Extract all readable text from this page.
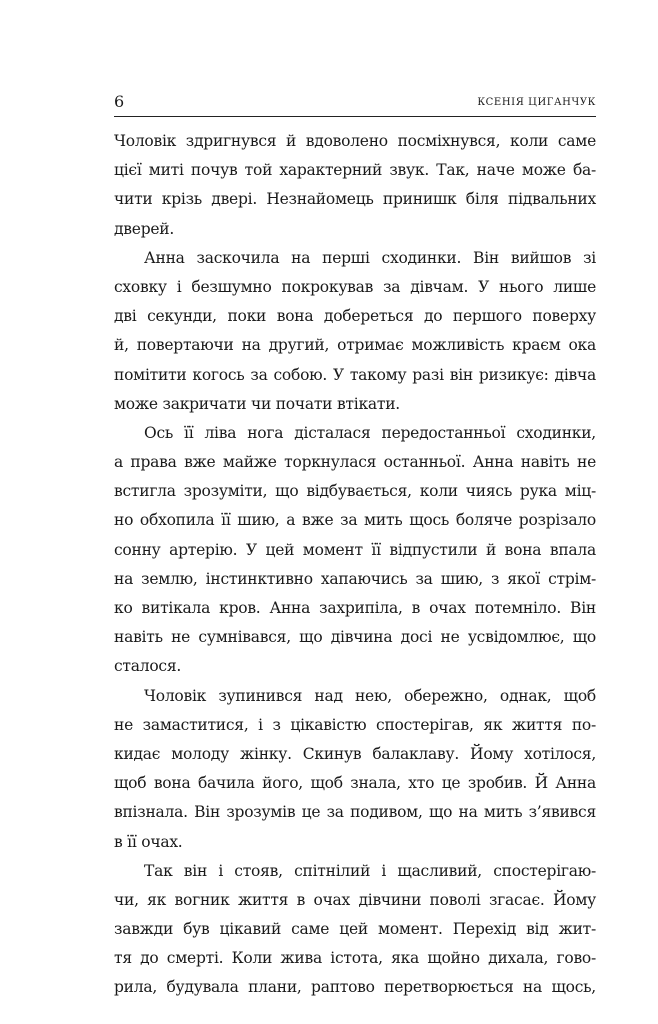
6	КСЕНІЯ ЦИГАНЧУК
Чоловік здригнувся й вдоволено посміхнувся, коли саме
цієї миті почув той характерний звук. Так, наче може ба-
чити крізь двері. Незнайомець принишк біля підвальних
дверей.
Анна заскочила на перші сходинки. Він вийшов зі
сховку і безшумно покрокував за дівчам. У нього лише
дві секунди, поки вона добереться до першого поверху
й, повертаючи на другий, отримає можливість краєм ока
помітити когось за собою. У такому разі він ризикує: дівча
може закричати чи почати втікати.
Ось її ліва нога дісталася передостанньої сходинки,
а права вже майже торкнулася останньої. Анна навіть не
встигла зрозуміти, що відбувається, коли чиясь рука міц-
но обхопила її шию, а вже за мить щось боляче розрізало
сонну артерію. У цей момент її відпустили й вона впала
на землю, інстинктивно хапаючись за шию, з якої стрім-
ко витікала кров. Анна захрипіла, в очах потемніло. Він
навіть не сумнівався, що дівчина досі не усвідомлює, що
сталося.
Чоловік зупинився над нею, обережно, однак, щоб
не замаститися, і з цікавістю спостерігав, як життя по-
кидає молоду жінку. Скинув балаклаву. Йому хотілося,
щоб вона бачила його, щоб знала, хто це зробив. Й Анна
впізнала. Він зрозумів це за подивом, що на мить з’явився
в її очах.
Так він і стояв, спітнілий і щасливий, спостерігаю-
чи, як вогник життя в очах дівчини поволі згасає. Йому
завжди був цікавий саме цей момент. Перехід від жит-
тя до смерті. Коли жива істота, яка щойно дихала, гово-
рила, будувала плани, раптово перетворюється на щось,
